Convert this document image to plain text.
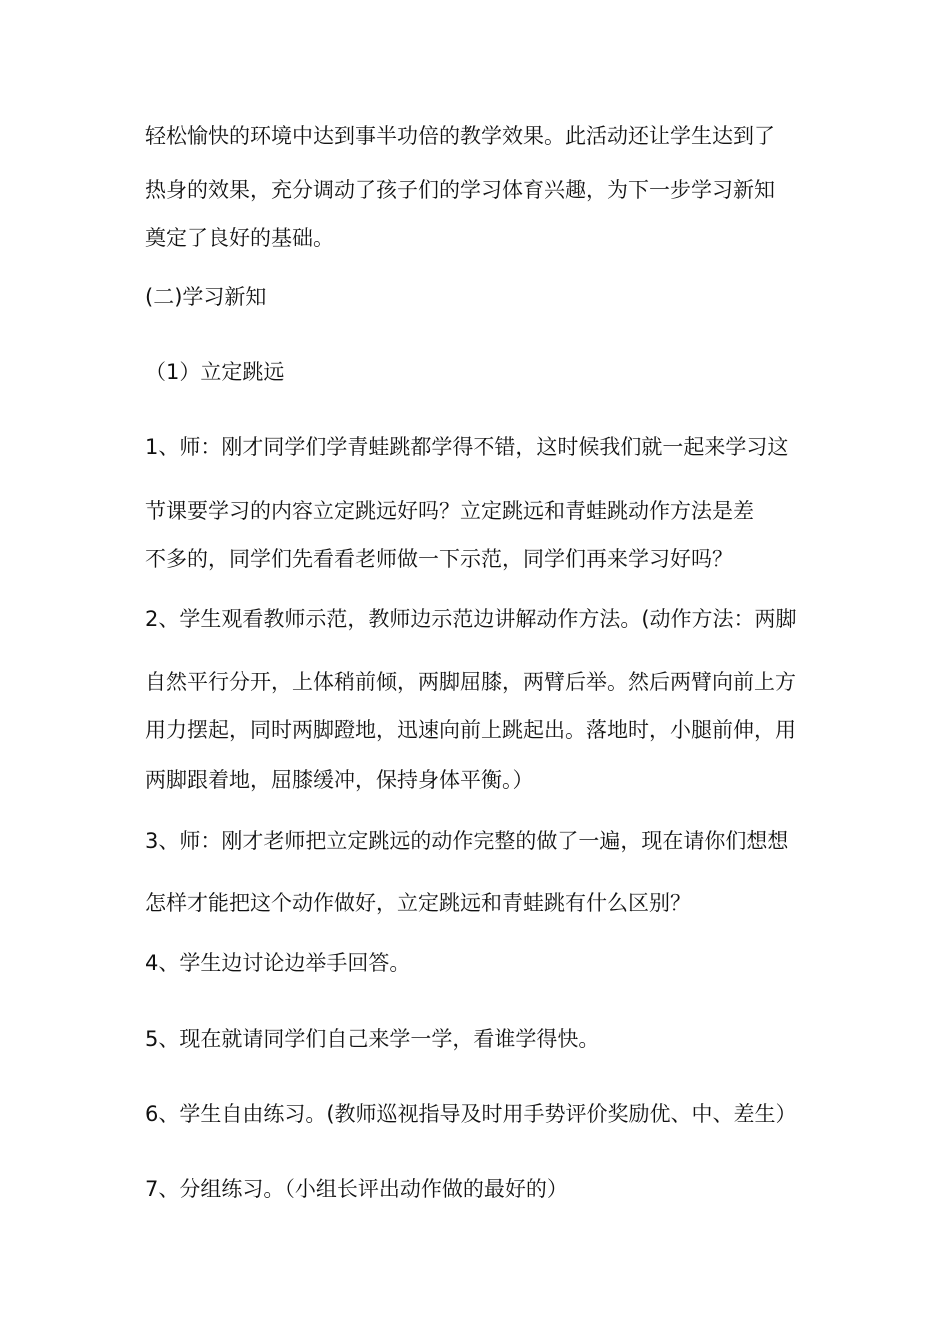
轻松愉快的环境中达到事半功倍的教学效果。此活动还让学生达到了
热身的效果，充分调动了孩子们的学习体育兴趣，为下一步学习新知
奠定了良好的基础。
(二)学习新知
（1）立定跳远
1、师：刚才同学们学青蛙跳都学得不错，这时候我们就一起来学习这
节课要学习的内容立定跳远好吗？立定跳远和青蛙跳动作方法是差
不多的，同学们先看看老师做一下示范，同学们再来学习好吗？
2、学生观看教师示范，教师边示范边讲解动作方法。(动作方法：两脚
自然平行分开，上体稍前倾，两脚屈膝，两臂后举。然后两臂向前上方
用力摆起，同时两脚蹬地，迅速向前上跳起出。落地时，小腿前伸，用
两脚跟着地，屈膝缓冲，保持身体平衡。）
3、师：刚才老师把立定跳远的动作完整的做了一遍，现在请你们想想
怎样才能把这个动作做好，立定跳远和青蛙跳有什么区别？
4、学生边讨论边举手回答。
5、现在就请同学们自己来学一学，看谁学得快。
6、学生自由练习。(教师巡视指导及时用手势评价奖励优、中、差生）
7、分组练习。（小组长评出动作做的最好的）
